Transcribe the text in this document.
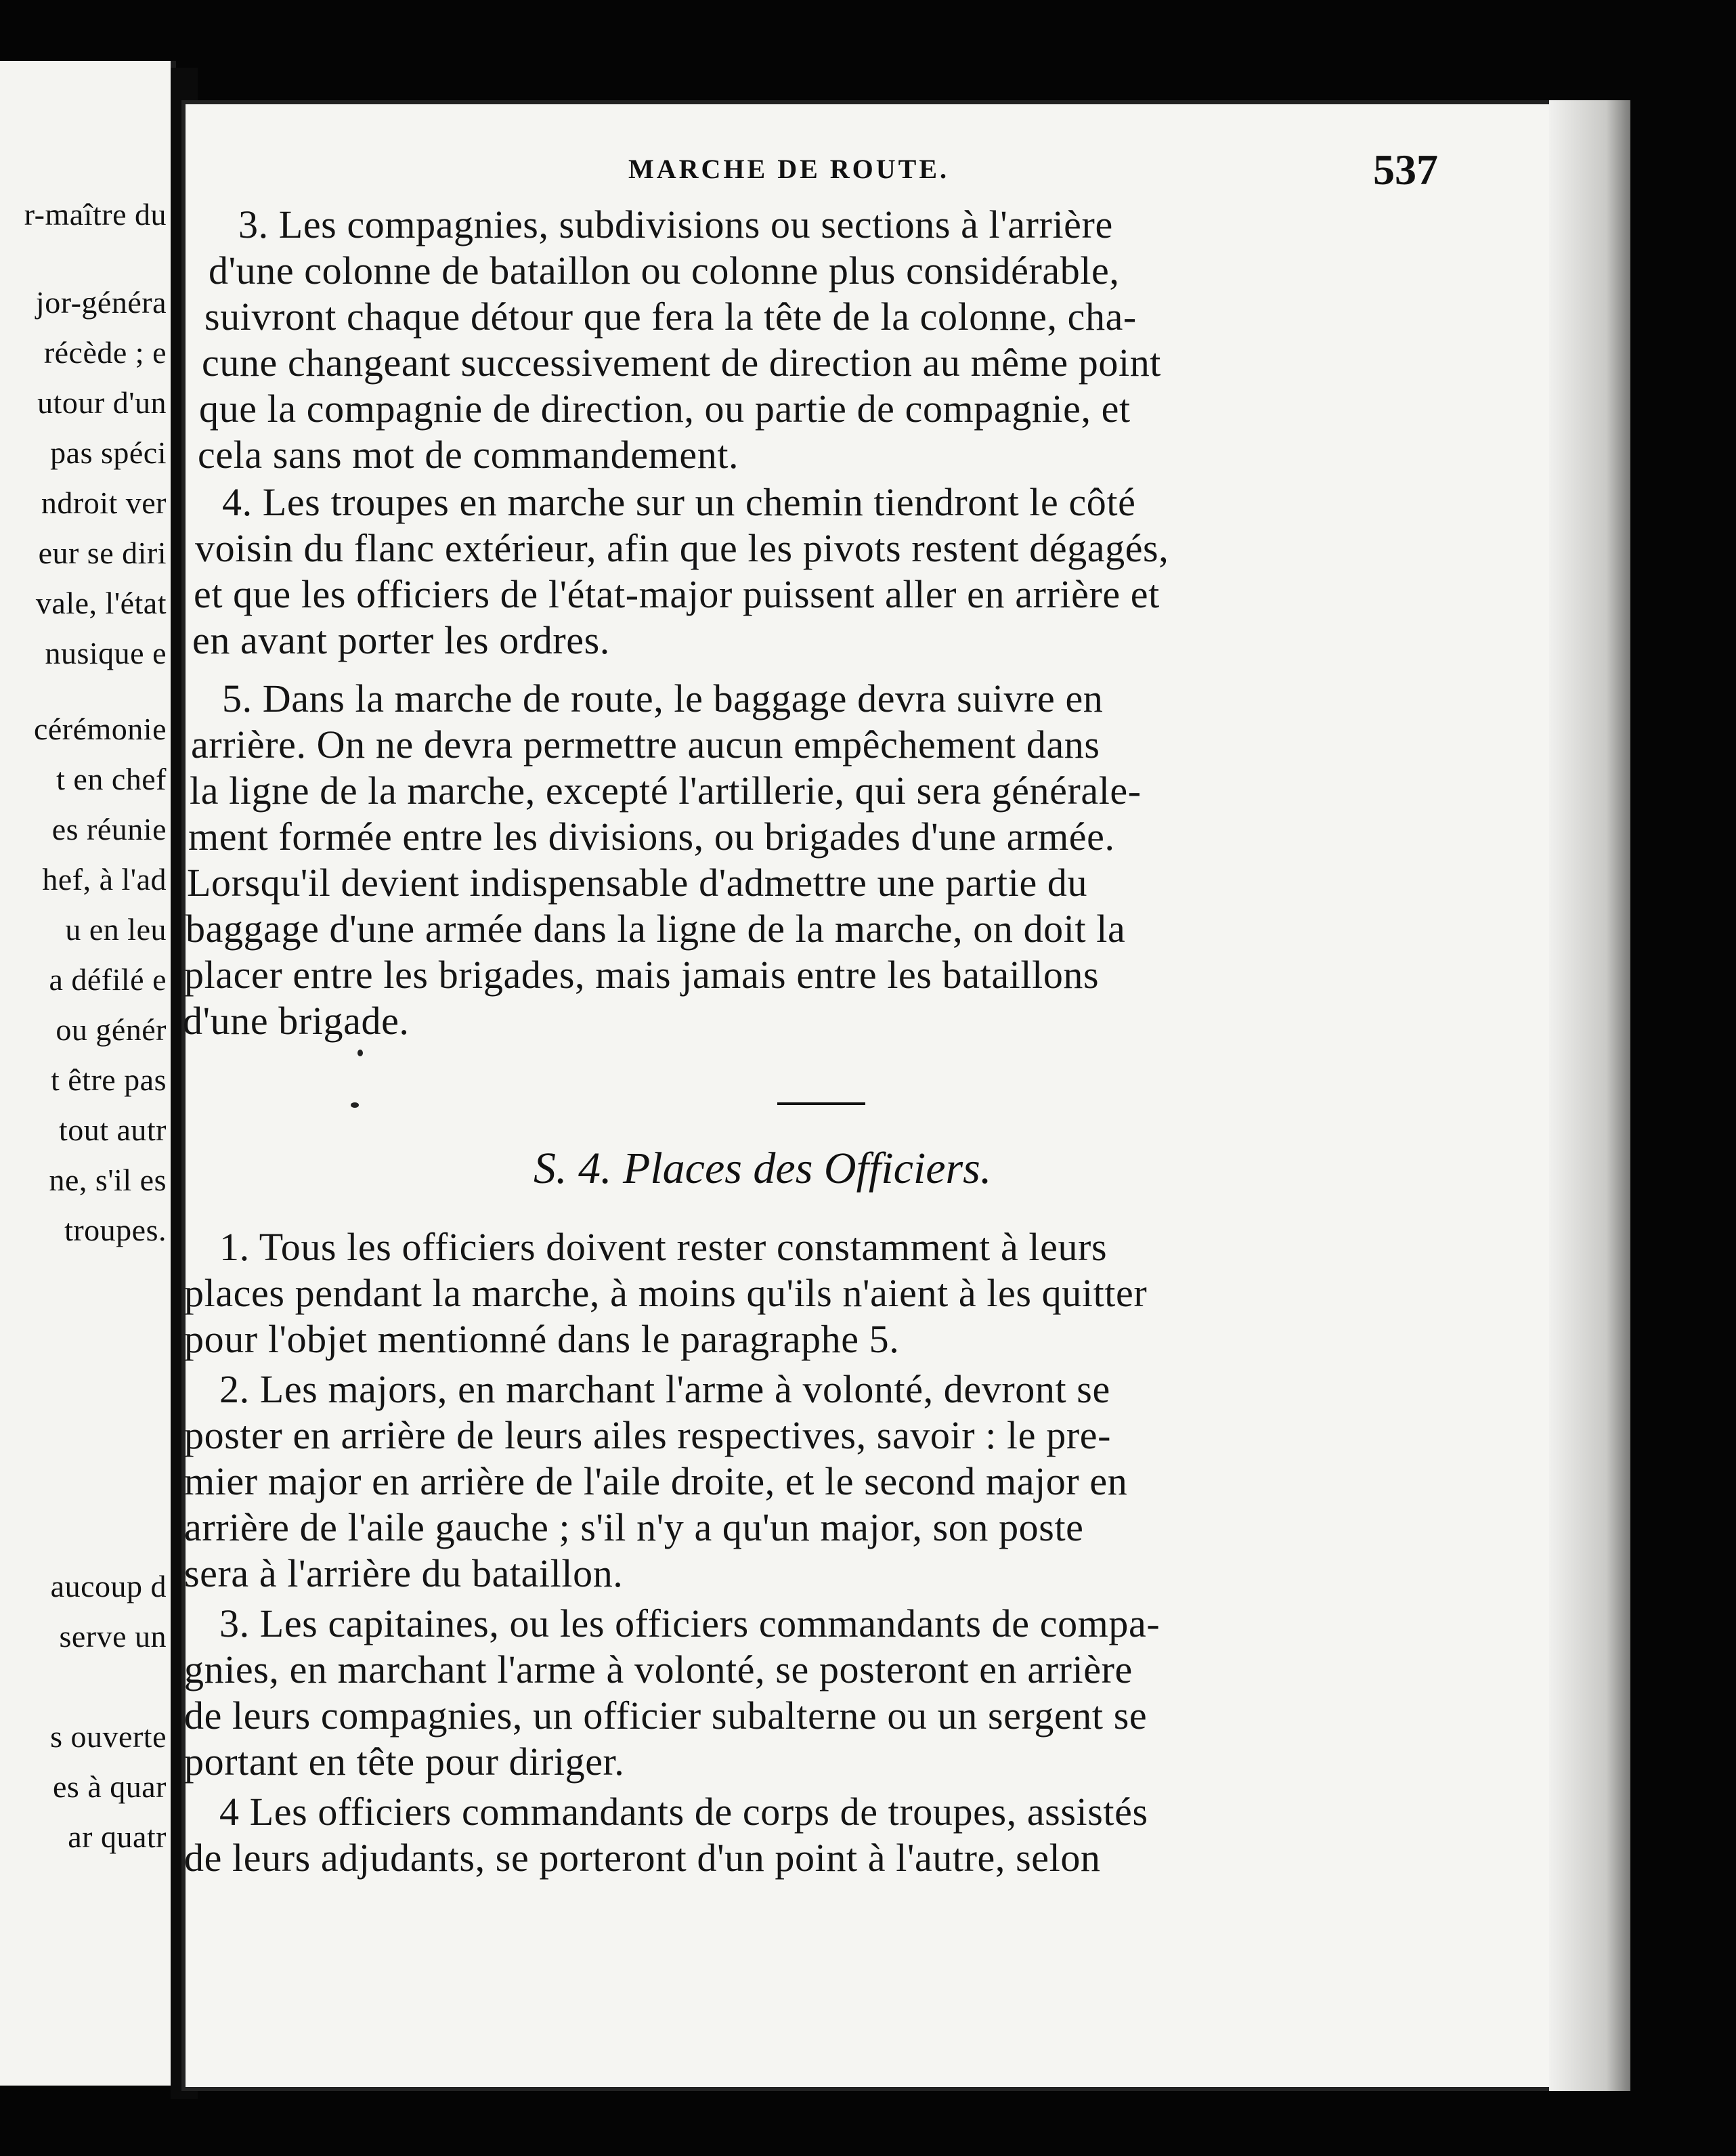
r-maître du
jor-généra
récède ; e
utour d'un
pas spéci
ndroit ver
eur se diri
vale, l'état
nusique e
cérémonie
t en chef
es réunie
hef, à l'ad
u en leu
a défilé e
ou génér
t être pas
tout autr
ne, s'il es
troupes.
aucoup d
serve un
s ouverte
es à quar
ar quatr
MARCHE DE ROUTE.	537
3. Les compagnies, subdivisions ou sections à l'arrière
d'une colonne de bataillon ou colonne plus considérable,
suivront chaque détour que fera la tête de la colonne, cha-
cune changeant successivement de direction au même point
que la compagnie de direction, ou partie de compagnie, et
cela sans mot de commandement.
4. Les troupes en marche sur un chemin tiendront le côté
voisin du flanc extérieur, afin que les pivots restent dégagés,
et que les officiers de l'état-major puissent aller en arrière et
en avant porter les ordres.
5. Dans la marche de route, le baggage devra suivre en
arrière. On ne devra permettre aucun empêchement dans
la ligne de la marche, excepté l'artillerie, qui sera générale-
ment formée entre les divisions, ou brigades d'une armée.
Lorsqu'il devient indispensable d'admettre une partie du
baggage d'une armée dans la ligne de la marche, on doit la
placer entre les brigades, mais jamais entre les bataillons
d'une brigade.
S. 4. Places des Officiers.
1. Tous les officiers doivent rester constamment à leurs
places pendant la marche, à moins qu'ils n'aient à les quitter
pour l'objet mentionné dans le paragraphe 5.
2. Les majors, en marchant l'arme à volonté, devront se
poster en arrière de leurs ailes respectives, savoir : le pre-
mier major en arrière de l'aile droite, et le second major en
arrière de l'aile gauche ; s'il n'y a qu'un major, son poste
sera à l'arrière du bataillon.
3. Les capitaines, ou les officiers commandants de compa-
gnies, en marchant l'arme à volonté, se posteront en arrière
de leurs compagnies, un officier subalterne ou un sergent se
portant en tête pour diriger.
4 Les officiers commandants de corps de troupes, assistés
de leurs adjudants, se porteront d'un point à l'autre, selon
